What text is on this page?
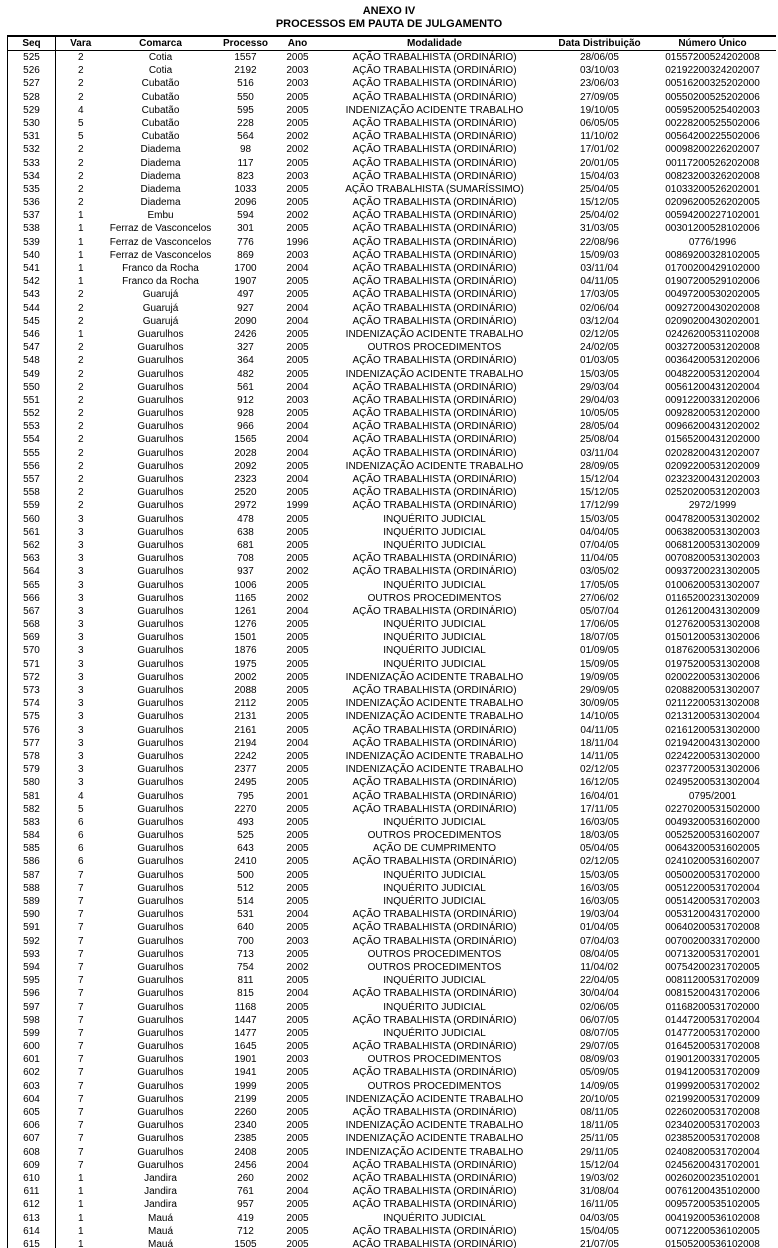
ANEXO IV
PROCESSOS EM PAUTA DE JULGAMENTO
Seq	Vara	Comarca	Processo	Ano	Modalidade	Data Distribuição	Número Único
525	2	Cotia	1557	2005	AÇÃO TRABALHISTA (ORDINÁRIO)	28/06/05	01557200524202008
526	2	Cotia	2192	2003	AÇÃO TRABALHISTA (ORDINÁRIO)	03/10/03	02192200324202007
527	2	Cubatão	516	2003	AÇÃO TRABALHISTA (ORDINÁRIO)	23/06/03	00516200325202000
528	2	Cubatão	550	2005	AÇÃO TRABALHISTA (ORDINÁRIO)	27/09/05	00550200525202006
529	4	Cubatão	595	2005	INDENIZAÇÃO ACIDENTE TRABALHO	19/10/05	00595200525402003
530	5	Cubatão	228	2005	AÇÃO TRABALHISTA (ORDINÁRIO)	06/05/05	00228200525502006
531	5	Cubatão	564	2002	AÇÃO TRABALHISTA (ORDINÁRIO)	11/10/02	00564200225502006
532	2	Diadema	98	2002	AÇÃO TRABALHISTA (ORDINÁRIO)	17/01/02	00098200226202007
533	2	Diadema	117	2005	AÇÃO TRABALHISTA (ORDINÁRIO)	20/01/05	00117200526202008
534	2	Diadema	823	2003	AÇÃO TRABALHISTA (ORDINÁRIO)	15/04/03	00823200326202008
535	2	Diadema	1033	2005	AÇÃO TRABALHISTA (SUMARÍSSIMO)	25/04/05	01033200526202001
536	2	Diadema	2096	2005	AÇÃO TRABALHISTA (ORDINÁRIO)	15/12/05	02096200526202005
537	1	Embu	594	2002	AÇÃO TRABALHISTA (ORDINÁRIO)	25/04/02	00594200227102001
538	1	Ferraz de Vasconcelos	301	2005	AÇÃO TRABALHISTA (ORDINÁRIO)	31/03/05	00301200528102006
539	1	Ferraz de Vasconcelos	776	1996	AÇÃO TRABALHISTA (ORDINÁRIO)	22/08/96	0776/1996
540	1	Ferraz de Vasconcelos	869	2003	AÇÃO TRABALHISTA (ORDINÁRIO)	15/09/03	00869200328102005
541	1	Franco da Rocha	1700	2004	AÇÃO TRABALHISTA (ORDINÁRIO)	03/11/04	01700200429102000
542	1	Franco da Rocha	1907	2005	AÇÃO TRABALHISTA (ORDINÁRIO)	04/11/05	01907200529102006
543	2	Guarujá	497	2005	AÇÃO TRABALHISTA (ORDINÁRIO)	17/03/05	00497200530202005
544	2	Guarujá	927	2004	AÇÃO TRABALHISTA (ORDINÁRIO)	02/06/04	00927200430202008
545	2	Guarujá	2090	2004	AÇÃO TRABALHISTA (ORDINÁRIO)	03/12/04	02090200430202001
546	1	Guarulhos	2426	2005	INDENIZAÇÃO ACIDENTE TRABALHO	02/12/05	02426200531102008
547	2	Guarulhos	327	2005	OUTROS PROCEDIMENTOS	24/02/05	00327200531202008
548	2	Guarulhos	364	2005	AÇÃO TRABALHISTA (ORDINÁRIO)	01/03/05	00364200531202006
549	2	Guarulhos	482	2005	INDENIZAÇÃO ACIDENTE TRABALHO	15/03/05	00482200531202004
550	2	Guarulhos	561	2004	AÇÃO TRABALHISTA (ORDINÁRIO)	29/03/04	00561200431202004
551	2	Guarulhos	912	2003	AÇÃO TRABALHISTA (ORDINÁRIO)	29/04/03	00912200331202006
552	2	Guarulhos	928	2005	AÇÃO TRABALHISTA (ORDINÁRIO)	10/05/05	00928200531202000
553	2	Guarulhos	966	2004	AÇÃO TRABALHISTA (ORDINÁRIO)	28/05/04	00966200431202002
554	2	Guarulhos	1565	2004	AÇÃO TRABALHISTA (ORDINÁRIO)	25/08/04	01565200431202000
555	2	Guarulhos	2028	2004	AÇÃO TRABALHISTA (ORDINÁRIO)	03/11/04	02028200431202007
556	2	Guarulhos	2092	2005	INDENIZAÇÃO ACIDENTE TRABALHO	28/09/05	02092200531202009
557	2	Guarulhos	2323	2004	AÇÃO TRABALHISTA (ORDINÁRIO)	15/12/04	02323200431202003
558	2	Guarulhos	2520	2005	AÇÃO TRABALHISTA (ORDINÁRIO)	15/12/05	02520200531202003
559	2	Guarulhos	2972	1999	AÇÃO TRABALHISTA (ORDINÁRIO)	17/12/99	2972/1999
560	3	Guarulhos	478	2005	INQUÉRITO JUDICIAL	15/03/05	00478200531302002
561	3	Guarulhos	638	2005	INQUÉRITO JUDICIAL	04/04/05	00638200531302003
562	3	Guarulhos	681	2005	INQUÉRITO JUDICIAL	07/04/05	00681200531302009
563	3	Guarulhos	708	2005	AÇÃO TRABALHISTA (ORDINÁRIO)	11/04/05	00708200531302003
564	3	Guarulhos	937	2002	AÇÃO TRABALHISTA (ORDINÁRIO)	03/05/02	00937200231302005
565	3	Guarulhos	1006	2005	INQUÉRITO JUDICIAL	17/05/05	01006200531302007
566	3	Guarulhos	1165	2002	OUTROS PROCEDIMENTOS	27/06/02	01165200231302009
567	3	Guarulhos	1261	2004	AÇÃO TRABALHISTA (ORDINÁRIO)	05/07/04	01261200431302009
568	3	Guarulhos	1276	2005	INQUÉRITO JUDICIAL	17/06/05	01276200531302008
569	3	Guarulhos	1501	2005	INQUÉRITO JUDICIAL	18/07/05	01501200531302006
570	3	Guarulhos	1876	2005	INQUÉRITO JUDICIAL	01/09/05	01876200531302006
571	3	Guarulhos	1975	2005	INQUÉRITO JUDICIAL	15/09/05	01975200531302008
572	3	Guarulhos	2002	2005	INDENIZAÇÃO ACIDENTE TRABALHO	19/09/05	02002200531302006
573	3	Guarulhos	2088	2005	AÇÃO TRABALHISTA (ORDINÁRIO)	29/09/05	02088200531302007
574	3	Guarulhos	2112	2005	INDENIZAÇÃO ACIDENTE TRABALHO	30/09/05	02112200531302008
575	3	Guarulhos	2131	2005	INDENIZAÇÃO ACIDENTE TRABALHO	14/10/05	02131200531302004
576	3	Guarulhos	2161	2005	AÇÃO TRABALHISTA (ORDINÁRIO)	04/11/05	02161200531302000
577	3	Guarulhos	2194	2004	AÇÃO TRABALHISTA (ORDINÁRIO)	18/11/04	02194200431302000
578	3	Guarulhos	2242	2005	INDENIZAÇÃO ACIDENTE TRABALHO	14/11/05	02242200531302000
579	3	Guarulhos	2377	2005	INDENIZAÇÃO ACIDENTE TRABALHO	02/12/05	02377200531302006
580	3	Guarulhos	2495	2005	AÇÃO TRABALHISTA (ORDINÁRIO)	16/12/05	02495200531302004
581	4	Guarulhos	795	2001	AÇÃO TRABALHISTA (ORDINÁRIO)	16/04/01	0795/2001
582	5	Guarulhos	2270	2005	AÇÃO TRABALHISTA (ORDINÁRIO)	17/11/05	02270200531502000
583	6	Guarulhos	493	2005	INQUÉRITO JUDICIAL	16/03/05	00493200531602000
584	6	Guarulhos	525	2005	OUTROS PROCEDIMENTOS	18/03/05	00525200531602007
585	6	Guarulhos	643	2005	AÇÃO DE CUMPRIMENTO	05/04/05	00643200531602005
586	6	Guarulhos	2410	2005	AÇÃO TRABALHISTA (ORDINÁRIO)	02/12/05	02410200531602007
587	7	Guarulhos	500	2005	INQUÉRITO JUDICIAL	15/03/05	00500200531702000
588	7	Guarulhos	512	2005	INQUÉRITO JUDICIAL	16/03/05	00512200531702004
589	7	Guarulhos	514	2005	INQUÉRITO JUDICIAL	16/03/05	00514200531702003
590	7	Guarulhos	531	2004	AÇÃO TRABALHISTA (ORDINÁRIO)	19/03/04	00531200431702000
591	7	Guarulhos	640	2005	AÇÃO TRABALHISTA (ORDINÁRIO)	01/04/05	00640200531702008
592	7	Guarulhos	700	2003	AÇÃO TRABALHISTA (ORDINÁRIO)	07/04/03	00700200331702000
593	7	Guarulhos	713	2005	OUTROS PROCEDIMENTOS	08/04/05	00713200531702001
594	7	Guarulhos	754	2002	OUTROS PROCEDIMENTOS	11/04/02	00754200231702005
595	7	Guarulhos	811	2005	INQUÉRITO JUDICIAL	22/04/05	00811200531702009
596	7	Guarulhos	815	2004	AÇÃO TRABALHISTA (ORDINÁRIO)	30/04/04	00815200431702006
597	7	Guarulhos	1168	2005	INQUÉRITO JUDICIAL	02/06/05	01168200531702000
598	7	Guarulhos	1447	2005	AÇÃO TRABALHISTA (ORDINÁRIO)	06/07/05	01447200531702004
599	7	Guarulhos	1477	2005	INQUÉRITO JUDICIAL	08/07/05	01477200531702000
600	7	Guarulhos	1645	2005	AÇÃO TRABALHISTA (ORDINÁRIO)	29/07/05	01645200531702008
601	7	Guarulhos	1901	2003	OUTROS PROCEDIMENTOS	08/09/03	01901200331702005
602	7	Guarulhos	1941	2005	AÇÃO TRABALHISTA (ORDINÁRIO)	05/09/05	01941200531702009
603	7	Guarulhos	1999	2005	OUTROS PROCEDIMENTOS	14/09/05	01999200531702002
604	7	Guarulhos	2199	2005	INDENIZAÇÃO ACIDENTE TRABALHO	20/10/05	02199200531702009
605	7	Guarulhos	2260	2005	AÇÃO TRABALHISTA (ORDINÁRIO)	08/11/05	02260200531702008
606	7	Guarulhos	2340	2005	INDENIZAÇÃO ACIDENTE TRABALHO	18/11/05	02340200531702003
607	7	Guarulhos	2385	2005	INDENIZAÇÃO ACIDENTE TRABALHO	25/11/05	02385200531702008
608	7	Guarulhos	2408	2005	INDENIZAÇÃO ACIDENTE TRABALHO	29/11/05	02408200531702004
609	7	Guarulhos	2456	2004	AÇÃO TRABALHISTA (ORDINÁRIO)	15/12/04	02456200431702001
610	1	Jandira	260	2002	AÇÃO TRABALHISTA (ORDINÁRIO)	19/03/02	00260200235102001
611	1	Jandira	761	2004	AÇÃO TRABALHISTA (ORDINÁRIO)	31/08/04	00761200435102000
612	1	Jandira	957	2005	AÇÃO TRABALHISTA (ORDINÁRIO)	16/11/05	00957200535102005
613	1	Mauá	419	2005	INQUÉRITO JUDICIAL	04/03/05	00419200536102008
614	1	Mauá	712	2005	AÇÃO TRABALHISTA (ORDINÁRIO)	15/04/05	00712200536102005
615	1	Mauá	1505	2005	AÇÃO TRABALHISTA (ORDINÁRIO)	21/07/05	01505200536102008
